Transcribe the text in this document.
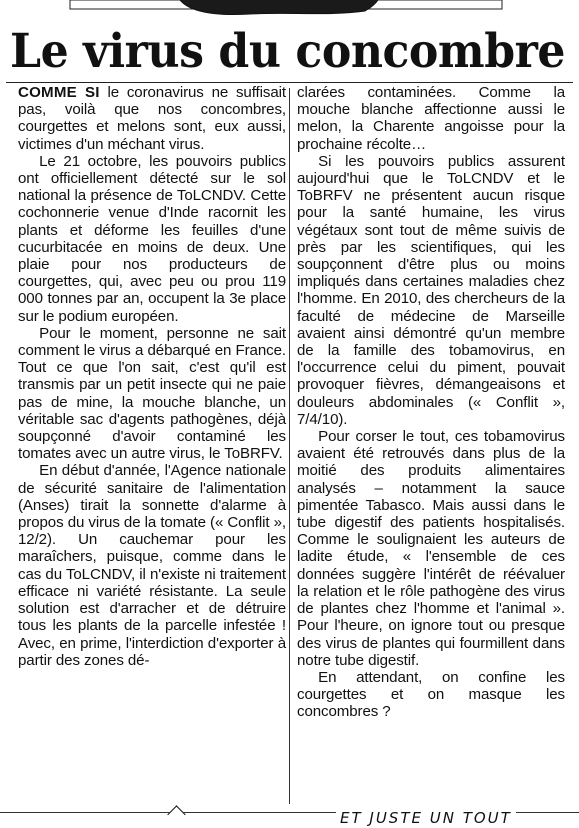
Le virus du concombre

COMME SI le coronavirus ne suffisait pas, voilà que nos concombres, courgettes et melons sont, eux aussi, victimes d'un méchant virus.

Le 21 octobre, les pouvoirs publics ont officiellement détecté sur le sol national la présence de ToLCNDV. Cette cochonnerie venue d'Inde racornit les plants et déforme les feuilles d'une cucurbitacée en moins de deux. Une plaie pour nos producteurs de courgettes, qui, avec peu ou prou 119 000 tonnes par an, occupent la 3e place sur le podium européen.

Pour le moment, personne ne sait comment le virus a débarqué en France. Tout ce que l'on sait, c'est qu'il est transmis par un petit insecte qui ne paie pas de mine, la mouche blanche, un véritable sac d'agents pathogènes, déjà soupçonné d'avoir contaminé les tomates avec un autre virus, le ToBRFV.

En début d'année, l'Agence nationale de sécurité sanitaire de l'alimentation (Anses) tirait la sonnette d'alarme à propos du virus de la tomate (« Conflit », 12/2). Un cauchemar pour les maraîchers, puisque, comme dans le cas du ToLCNDV, il n'existe ni traitement efficace ni variété résistante. La seule solution est d'arracher et de détruire tous les plants de la parcelle infestée ! Avec, en prime, l'interdiction d'exporter à partir des zones dé-

clarées contaminées. Comme la mouche blanche affectionne aussi le melon, la Charente angoisse pour la prochaine récolte…

Si les pouvoirs publics assurent aujourd'hui que le ToLCNDV et le ToBRFV ne présentent aucun risque pour la santé humaine, les virus végétaux sont tout de même suivis de près par les scientifiques, qui les soupçonnent d'être plus ou moins impliqués dans certaines maladies chez l'homme. En 2010, des chercheurs de la faculté de médecine de Marseille avaient ainsi démontré qu'un membre de la famille des tobamovirus, en l'occurrence celui du piment, pouvait provoquer fièvres, démangeaisons et douleurs abdominales (« Conflit », 7/4/10).

Pour corser le tout, ces tobamovirus avaient été retrouvés dans plus de la moitié des produits alimentaires analysés – notamment la sauce pimentée Tabasco. Mais aussi dans le tube digestif des patients hospitalisés. Comme le soulignaient les auteurs de ladite étude, « l'ensemble de ces données suggère l'intérêt de réévaluer la relation et le rôle pathogène des virus de plantes chez l'homme et l'animal ». Pour l'heure, on ignore tout ou presque des virus de plantes qui fourmillent dans notre tube digestif.

En attendant, on confine les courgettes et on masque les concombres ?

ET JUSTE UN TOUT
